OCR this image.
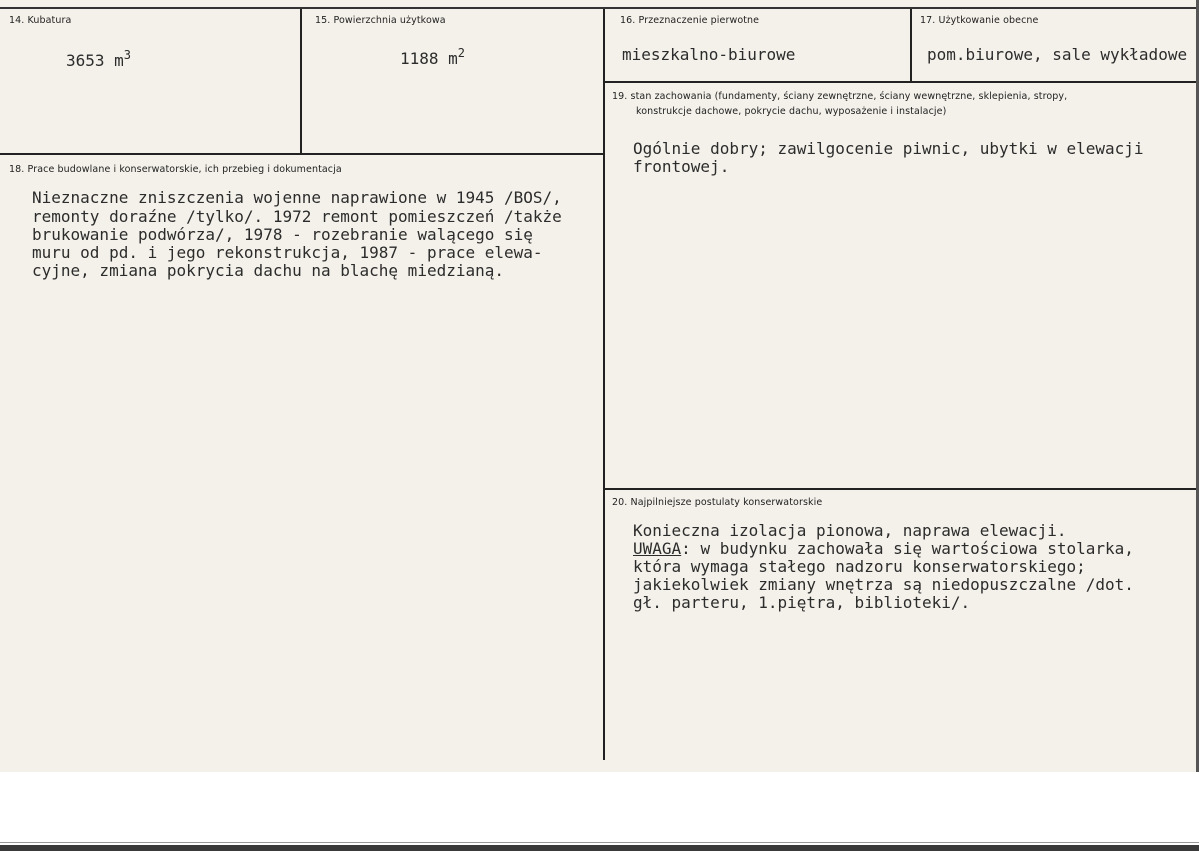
14. Kubatura
3653 $m^3$
15. Powierzchnia użytkowa
1188 $m^2$
16. Przeznaczenie pierwotne
mieszkalno-biurowe
17. Użytkowanie obecne
pom.biurowe, sale wykładowe
19. stan zachowania (fundamenty, ściany zewnętrzne, ściany wewnętrzne, sklepienia, stropy,
konstrukcje dachowe, pokrycie dachu, wyposażenie i instalacje)
Ogólnie dobry; zawilgocenie piwnic, ubytki w elewacji
frontowej.
18. Prace budowlane i konserwatorskie, ich przebieg i dokumentacja
Nieznaczne zniszczenia wojenne naprawione w 1945 /BOS/,
remonty doraźne /tylko/. 1972 remont pomieszczeń /także
brukowanie podwórza/, 1978 - rozebranie walącego się
muru od pd. i jego rekonstrukcja, 1987 - prace elewa-
cyjne, zmiana pokrycia dachu na blachę miedzianą.
20. Najpilniejsze postulaty konserwatorskie
Konieczna izolacja pionowa, naprawa elewacji.
UWAGA: w budynku zachowała się wartościowa stolarka,
która wymaga stałego nadzoru konserwatorskiego;
jakiekolwiek zmiany wnętrza są niedopuszczalne /dot.
gł. parteru, 1.piętra, biblioteki/.
